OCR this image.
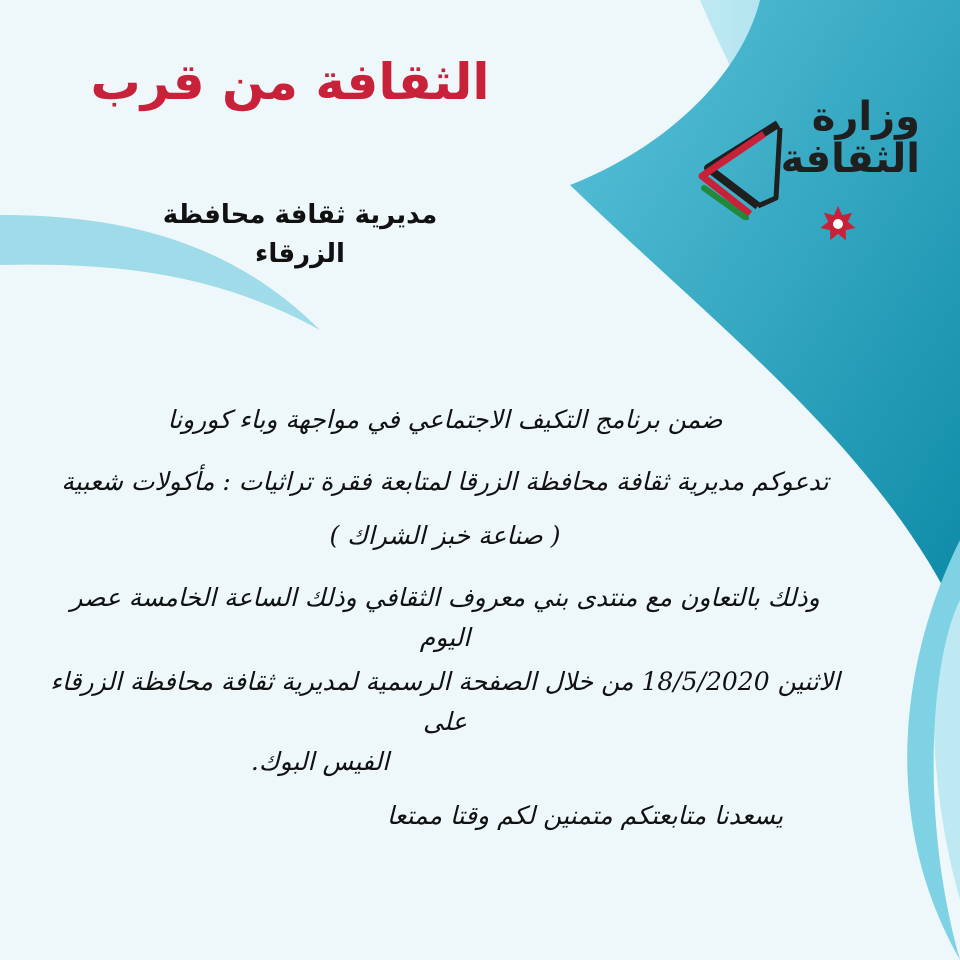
الثقافة من قرب
مديرية ثقافة محافظة
الزرقاء
وزارة
الثقافة

ضمن برنامج التكيف الاجتماعي في مواجهة وباء كورونا

تدعوكم مديرية ثقافة محافظة الزرقا لمتابعة فقرة تراثيات : مأكولات شعبية

( صناعة خبز الشراك )

وذلك بالتعاون مع منتدى بني معروف الثقافي وذلك الساعة الخامسة عصر اليوم

الاثنين 18/5/2020 من خلال الصفحة الرسمية لمديرية ثقافة محافظة الزرقاء على

الفيس البوك.

يسعدنا متابعتكم متمنين لكم وقتا ممتعا
